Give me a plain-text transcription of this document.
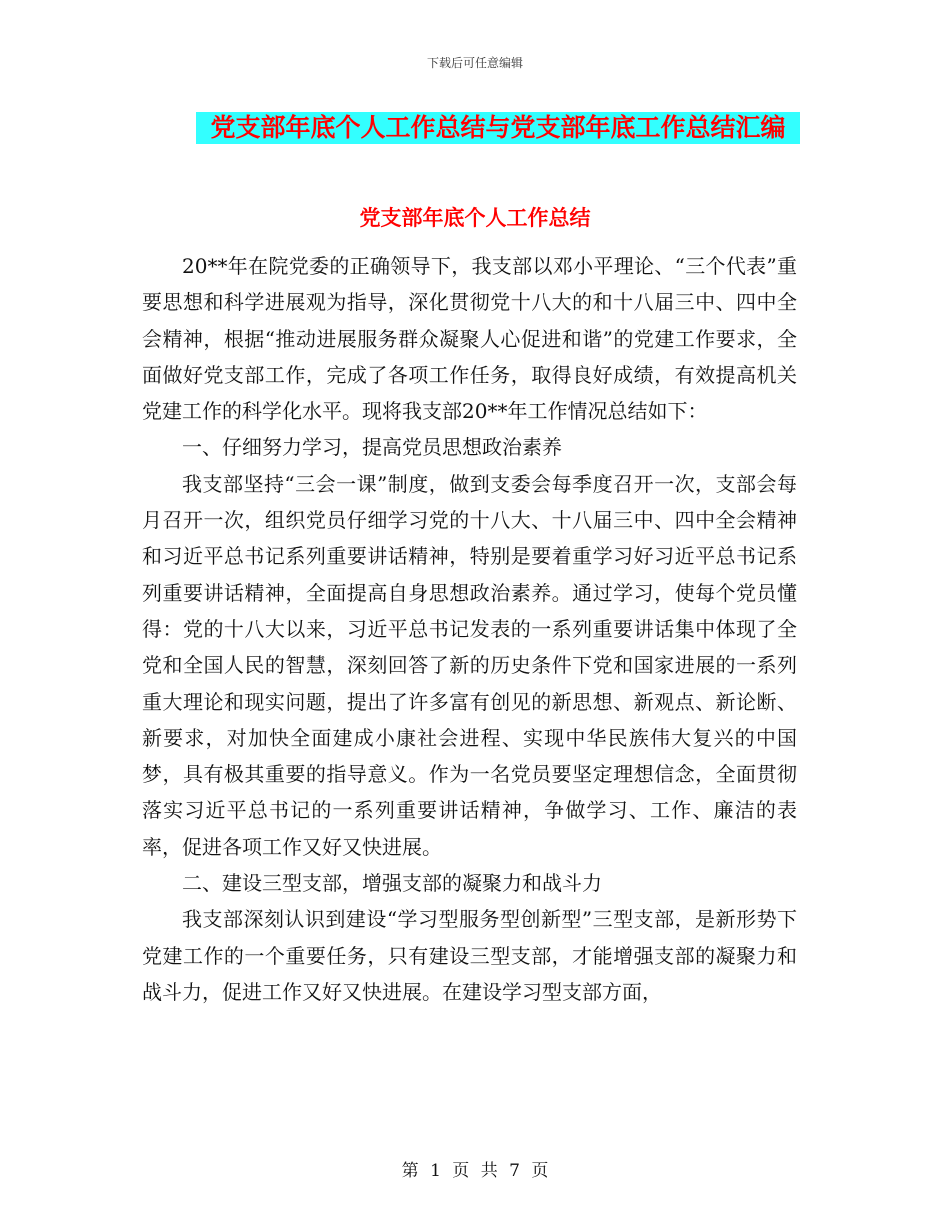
下载后可任意编辑
党支部年底个人工作总结与党支部年底工作总结汇编
党支部年底个人工作总结

20**年在院党委的正确领导下，我支部以邓小平理论、“三个代表”重要思想和科学进展观为指导，深化贯彻党十八大的和十八届三中、四中全会精神，根据“推动进展服务群众凝聚人心促进和谐”的党建工作要求，全面做好党支部工作，完成了各项工作任务，取得良好成绩，有效提高机关党建工作的科学化水平。现将我支部20**年工作情况总结如下：

一、仔细努力学习，提高党员思想政治素养

我支部坚持“三会一课”制度，做到支委会每季度召开一次，支部会每月召开一次，组织党员仔细学习党的十八大、十八届三中、四中全会精神和习近平总书记系列重要讲话精神，特别是要着重学习好习近平总书记系列重要讲话精神，全面提高自身思想政治素养。通过学习，使每个党员懂得：党的十八大以来，习近平总书记发表的一系列重要讲话集中体现了全党和全国人民的智慧，深刻回答了新的历史条件下党和国家进展的一系列重大理论和现实问题，提出了许多富有创见的新思想、新观点、新论断、新要求，对加快全面建成小康社会进程、实现中华民族伟大复兴的中国梦，具有极其重要的指导意义。作为一名党员要坚定理想信念，全面贯彻落实习近平总书记的一系列重要讲话精神，争做学习、工作、廉洁的表率，促进各项工作又好又快进展。

二、建设三型支部，增强支部的凝聚力和战斗力

我支部深刻认识到建设“学习型服务型创新型”三型支部，是新形势下党建工作的一个重要任务，只有建设三型支部，才能增强支部的凝聚力和战斗力，促进工作又好又快进展。在建设学习型支部方面，

第 1 页 共 7 页
